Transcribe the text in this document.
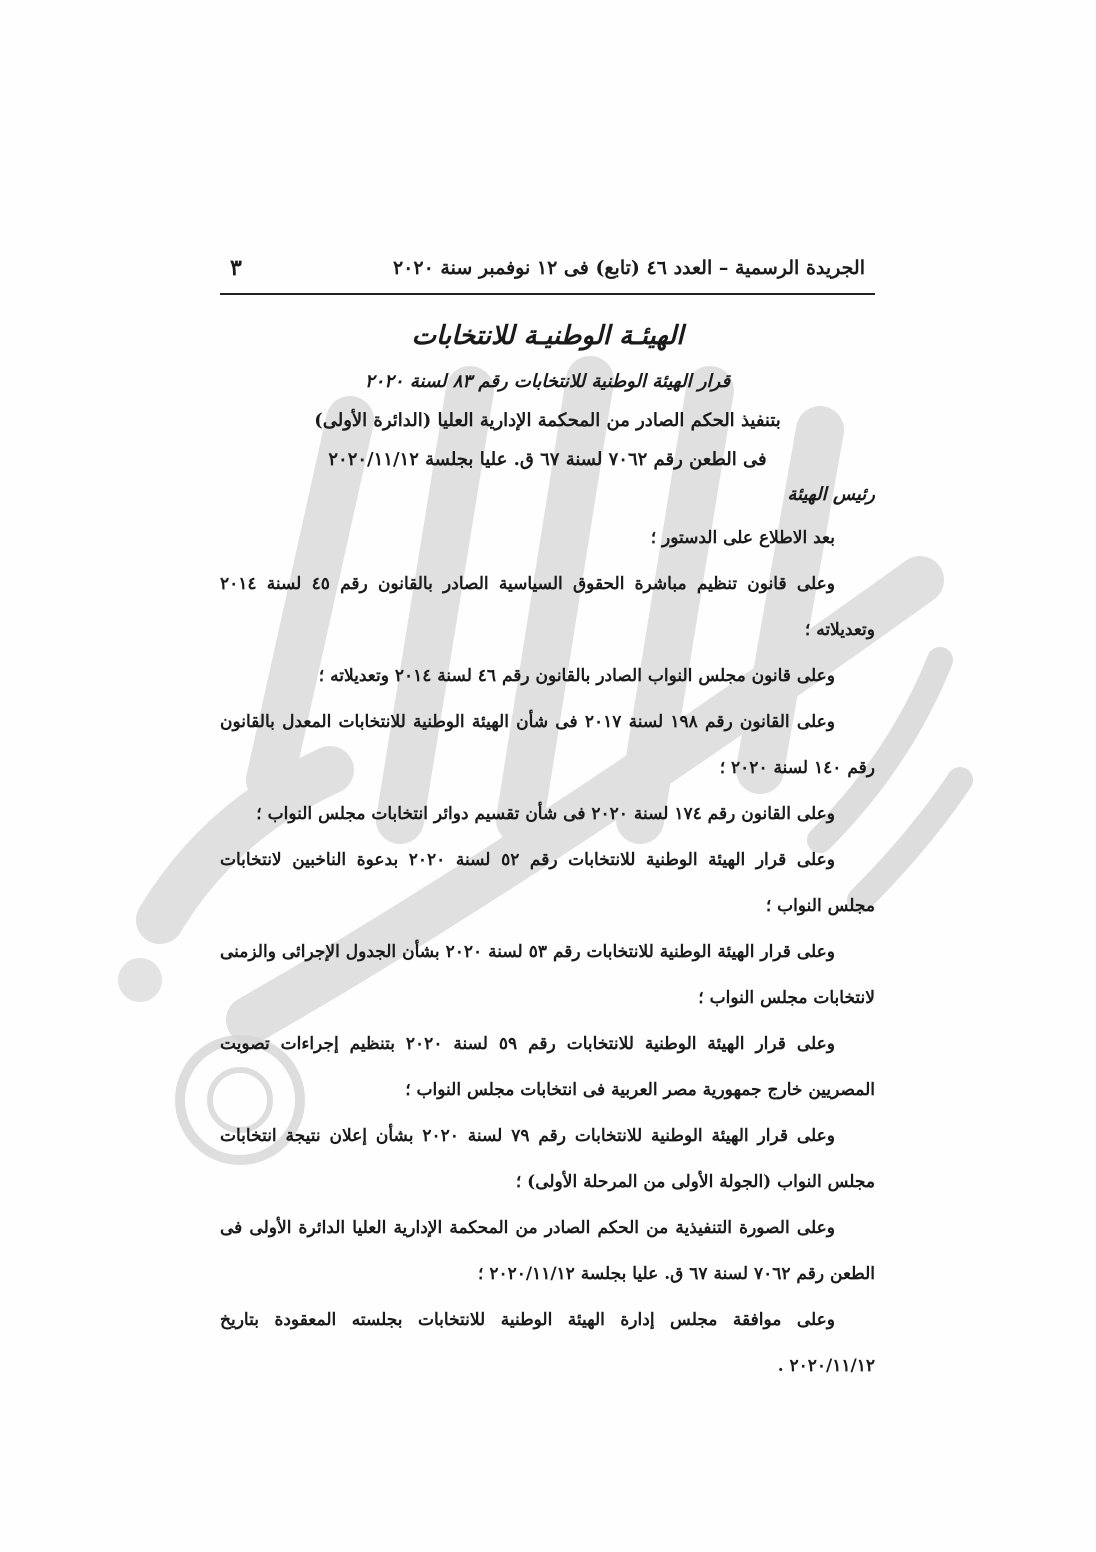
الجريدة الرسمية – العدد ٤٦ (تابع) فى ١٢ نوفمبر سنة ٢٠٢٠
٣
الهيئـة الوطنيـة للانتخابات
قرار الهيئة الوطنية للانتخابات رقم ٨٣ لسنة ٢٠٢٠
بتنفيذ الحكم الصادر من المحكمة الإدارية العليا (الدائرة الأولى)
فى الطعن رقم ٧٠٦٢ لسنة ٦٧ ق. عليا بجلسة ٢٠٢٠/١١/١٢
رئيس الهيئة
بعد الاطلاع على الدستور ؛
وعلى قانون تنظيم مباشرة الحقوق السياسية الصادر بالقانون رقم ٤٥ لسنة ٢٠١٤ وتعديلاته ؛
وعلى قانون مجلس النواب الصادر بالقانون رقم ٤٦ لسنة ٢٠١٤ وتعديلاته ؛
وعلى القانون رقم ١٩٨ لسنة ٢٠١٧ فى شأن الهيئة الوطنية للانتخابات المعدل بالقانون رقم ١٤٠ لسنة ٢٠٢٠ ؛
وعلى القانون رقم ١٧٤ لسنة ٢٠٢٠ فى شأن تقسيم دوائر انتخابات مجلس النواب ؛
وعلى قرار الهيئة الوطنية للانتخابات رقم ٥٢ لسنة ٢٠٢٠ بدعوة الناخبين لانتخابات مجلس النواب ؛
وعلى قرار الهيئة الوطنية للانتخابات رقم ٥٣ لسنة ٢٠٢٠ بشأن الجدول الإجرائى والزمنى لانتخابات مجلس النواب ؛
وعلى قرار الهيئة الوطنية للانتخابات رقم ٥٩ لسنة ٢٠٢٠ بتنظيم إجراءات تصويت المصريين خارج جمهورية مصر العربية فى انتخابات مجلس النواب ؛
وعلى قرار الهيئة الوطنية للانتخابات رقم ٧٩ لسنة ٢٠٢٠ بشأن إعلان نتيجة انتخابات مجلس النواب (الجولة الأولى من المرحلة الأولى) ؛
وعلى الصورة التنفيذية من الحكم الصادر من المحكمة الإدارية العليا الدائرة الأولى فى الطعن رقم ٧٠٦٢ لسنة ٦٧ ق. عليا بجلسة ٢٠٢٠/١١/١٢ ؛
وعلى موافقة مجلس إدارة الهيئة الوطنية للانتخابات بجلسته المعقودة بتاريخ ٢٠٢٠/١١/١٢ .
